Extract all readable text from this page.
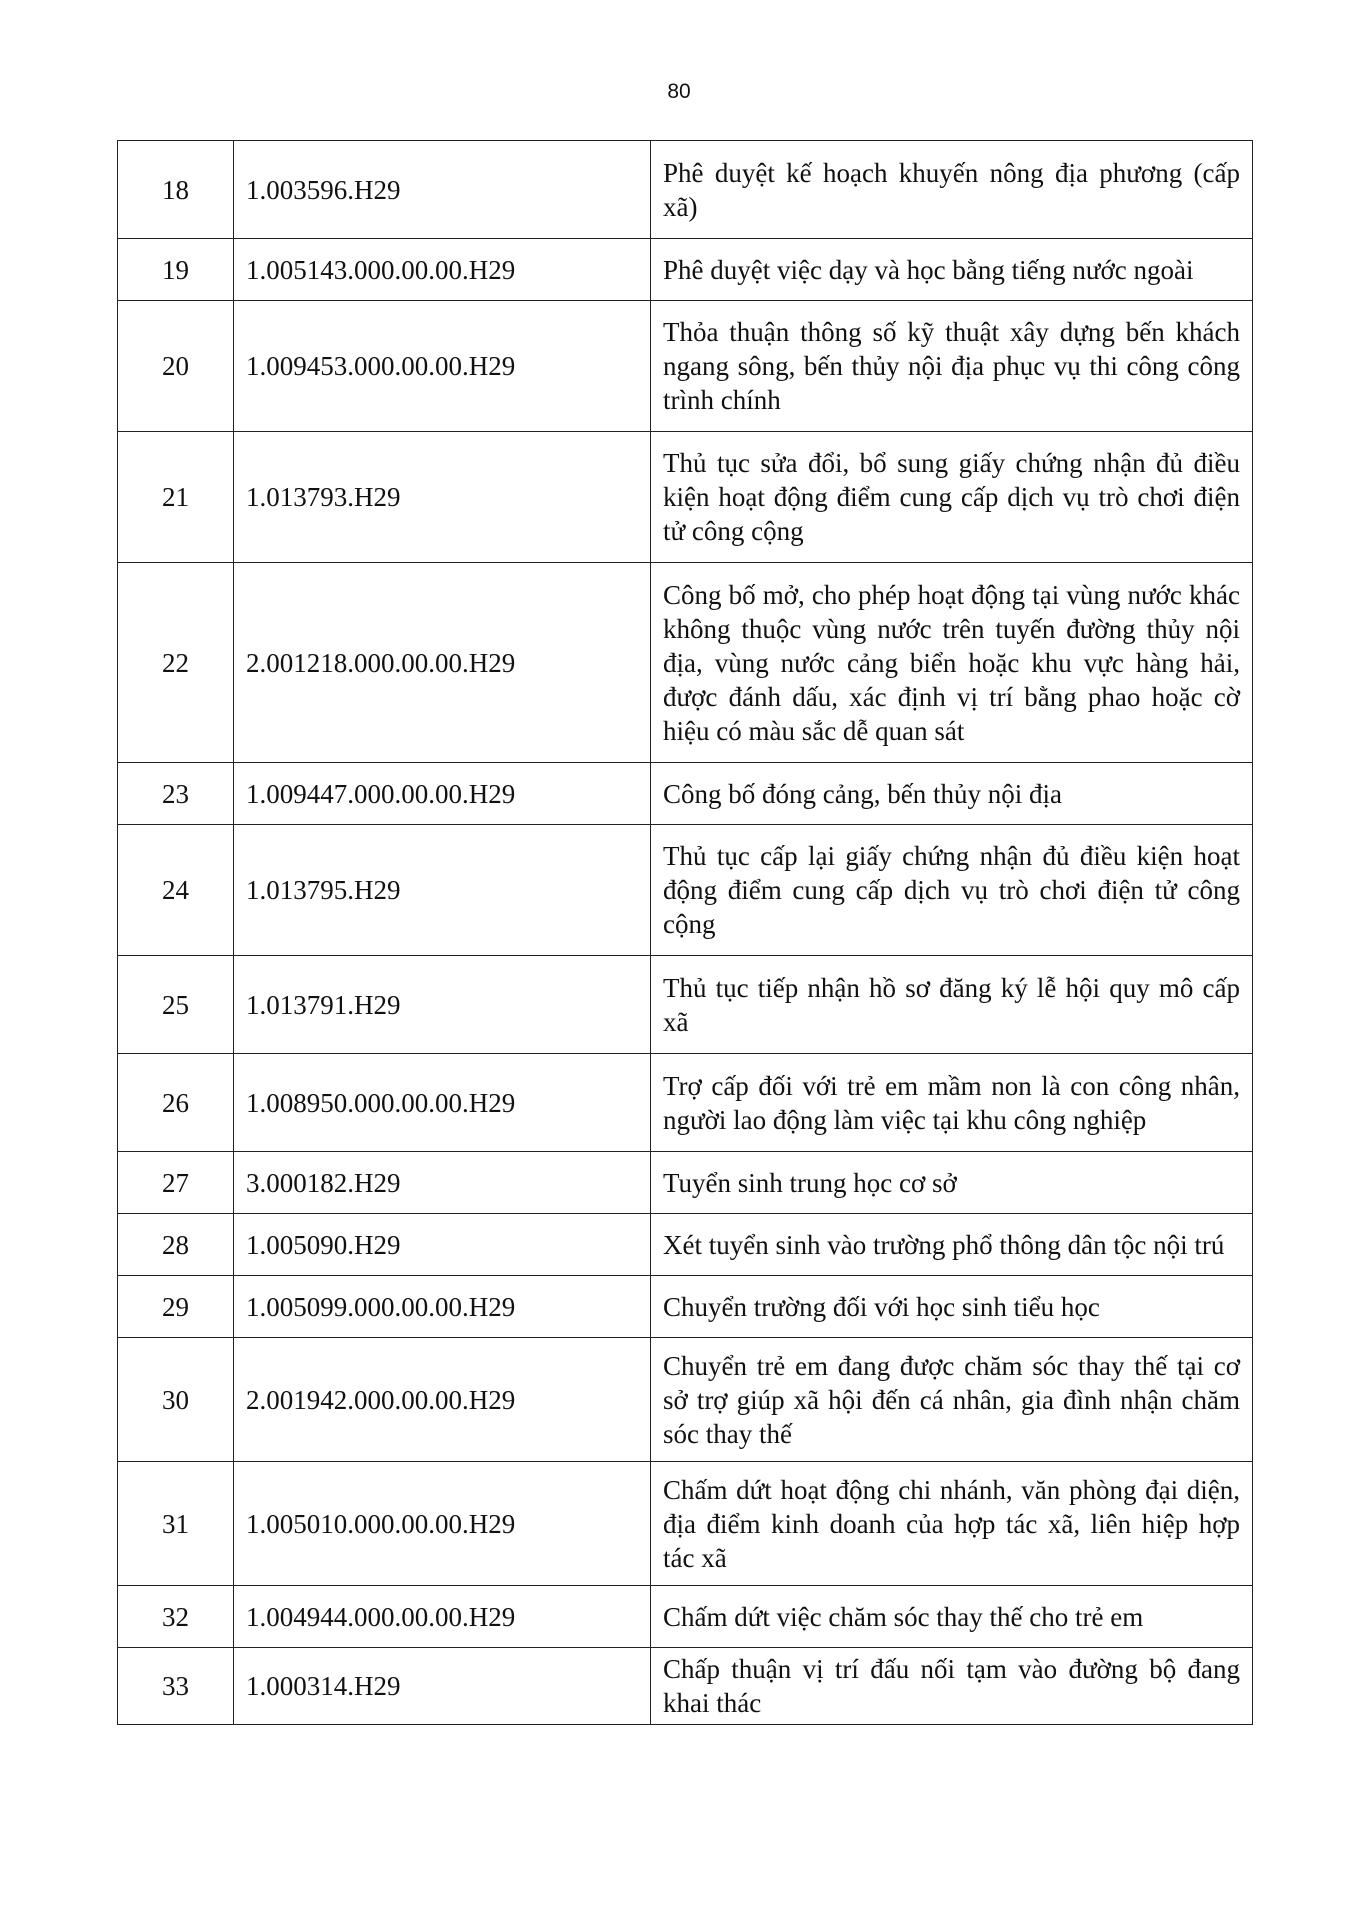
80
18	1.003596.H29	Phê duyệt kế hoạch khuyến nông địa phương (cấp xã)
19	1.005143.000.00.00.H29	Phê duyệt việc dạy và học bằng tiếng nước ngoài
20	1.009453.000.00.00.H29	Thỏa thuận thông số kỹ thuật xây dựng bến khách ngang sông, bến thủy nội địa phục vụ thi công công trình chính
21	1.013793.H29	Thủ tục sửa đổi, bổ sung giấy chứng nhận đủ điều kiện hoạt động điểm cung cấp dịch vụ trò chơi điện tử công cộng
22	2.001218.000.00.00.H29	Công bố mở, cho phép hoạt động tại vùng nước khác không thuộc vùng nước trên tuyến đường thủy nội địa, vùng nước cảng biển hoặc khu vực hàng hải, được đánh dấu, xác định vị trí bằng phao hoặc cờ hiệu có màu sắc dễ quan sát
23	1.009447.000.00.00.H29	Công bố đóng cảng, bến thủy nội địa
24	1.013795.H29	Thủ tục cấp lại giấy chứng nhận đủ điều kiện hoạt động điểm cung cấp dịch vụ trò chơi điện tử công cộng
25	1.013791.H29	Thủ tục tiếp nhận hồ sơ đăng ký lễ hội quy mô cấp xã
26	1.008950.000.00.00.H29	Trợ cấp đối với trẻ em mầm non là con công nhân, người lao động làm việc tại khu công nghiệp
27	3.000182.H29	Tuyển sinh trung học cơ sở
28	1.005090.H29	Xét tuyển sinh vào trường phổ thông dân tộc nội trú
29	1.005099.000.00.00.H29	Chuyển trường đối với học sinh tiểu học
30	2.001942.000.00.00.H29	Chuyển trẻ em đang được chăm sóc thay thế tại cơ sở trợ giúp xã hội đến cá nhân, gia đình nhận chăm sóc thay thế
31	1.005010.000.00.00.H29	Chấm dứt hoạt động chi nhánh, văn phòng đại diện, địa điểm kinh doanh của hợp tác xã, liên hiệp hợp tác xã
32	1.004944.000.00.00.H29	Chấm dứt việc chăm sóc thay thế cho trẻ em
33	1.000314.H29	Chấp thuận vị trí đấu nối tạm vào đường bộ đang khai thác
